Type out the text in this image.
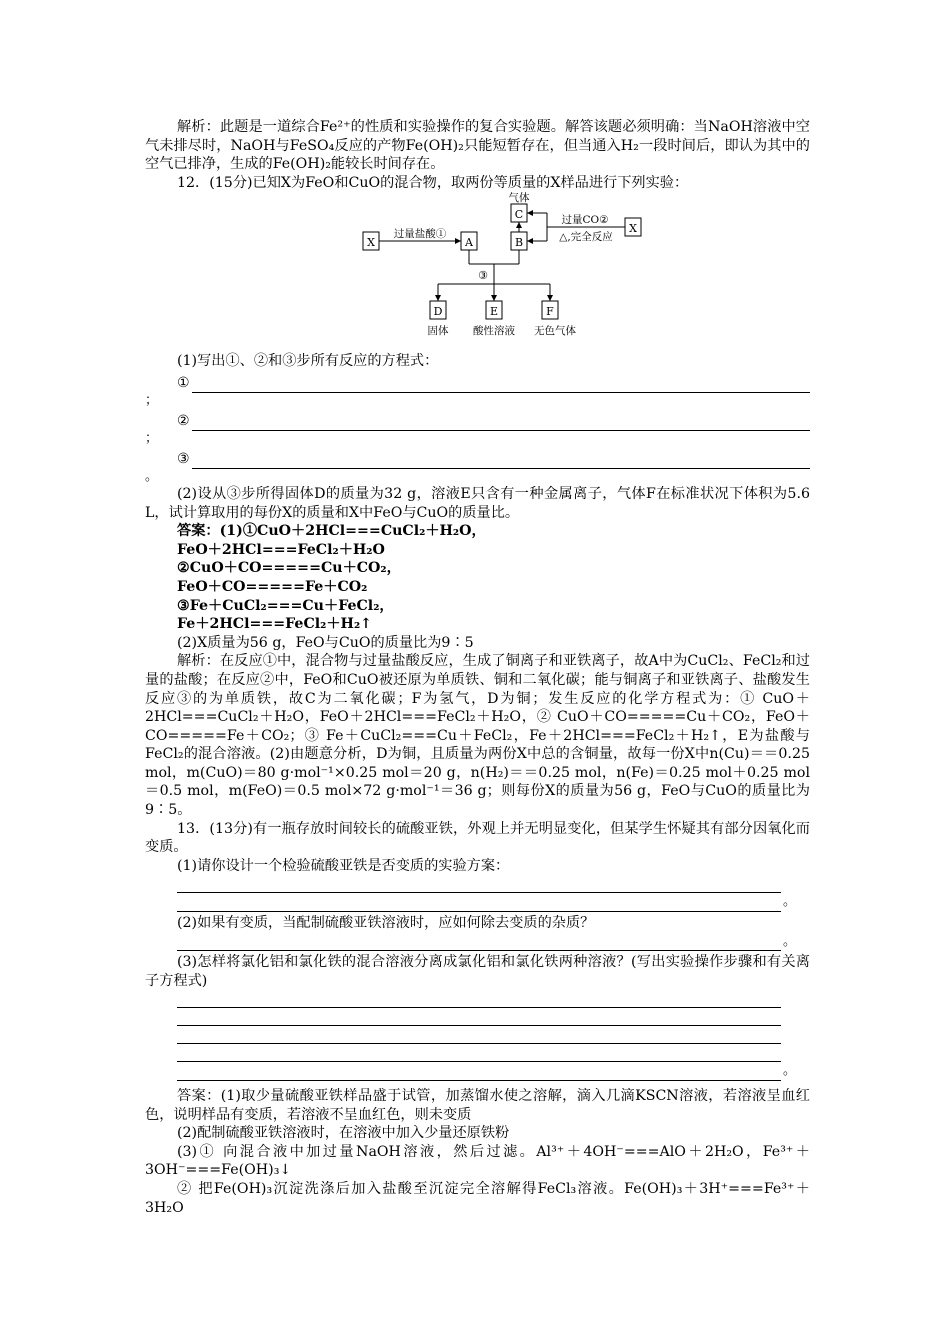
解析：此题是一道综合Fe²⁺的性质和实验操作的复合实验题。解答该题必须明确：当NaOH溶液中空气未排尽时，NaOH与FeSO₄反应的产物Fe(OH)₂只能短暂存在，但当通入H₂一段时间后，即认为其中的空气已排净，生成的Fe(OH)₂能较长时间存在。

12．(15分)已知X为FeO和CuO的混合物，取两份等质量的X样品进行下列实验：

X
过量盐酸①
A	B
C
气体
过量CO②
△,完全反应
X
③
D	E	F
固体 酸性溶液 无色气体

(1)写出①、②和③步所有反应的方程式：

①
；
②
；
③
。

(2)设从③步所得固体D的质量为32 g，溶液E只含有一种金属离子，气体F在标准状况下体积为5.6 L，试计算取用的每份X的质量和X中FeO与CuO的质量比。

答案：(1)①CuO＋2HCl===CuCl₂＋H₂O，

FeO＋2HCl===FeCl₂＋H₂O

②CuO＋CO=====Cu＋CO₂，

FeO＋CO=====Fe＋CO₂

③Fe＋CuCl₂===Cu＋FeCl₂，

Fe＋2HCl===FeCl₂＋H₂↑

(2)X质量为56 g，FeO与CuO的质量比为9∶5

解析：在反应①中，混合物与过量盐酸反应，生成了铜离子和亚铁离子，故A中为CuCl₂、FeCl₂和过量的盐酸；在反应②中，FeO和CuO被还原为单质铁、铜和二氧化碳；能与铜离子和亚铁离子、盐酸发生反应③的为单质铁，故C为二氧化碳；F为氢气，D为铜；发生反应的化学方程式为：① CuO＋2HCl===CuCl₂＋H₂O，FeO＋2HCl===FeCl₂＋H₂O，② CuO＋CO=====Cu＋CO₂，FeO＋CO=====Fe＋CO₂；③ Fe＋CuCl₂===Cu＋FeCl₂，Fe＋2HCl===FeCl₂＋H₂↑，E为盐酸与FeCl₂的混合溶液。(2)由题意分析，D为铜，且质量为两份X中总的含铜量，故每一份X中n(Cu)＝＝0.25 mol，m(CuO)＝80 g·mol⁻¹×0.25 mol＝20 g，n(H₂)＝＝0.25 mol，n(Fe)＝0.25 mol＋0.25 mol＝0.5 mol，m(FeO)＝0.5 mol×72 g·mol⁻¹＝36 g；则每份X的质量为56 g，FeO与CuO的质量比为9∶5。

13．(13分)有一瓶存放时间较长的硫酸亚铁，外观上并无明显变化，但某学生怀疑其有部分因氧化而变质。

(1)请你设计一个检验硫酸亚铁是否变质的实验方案：

。

(2)如果有变质，当配制硫酸亚铁溶液时，应如何除去变质的杂质？

。

(3)怎样将氯化铝和氯化铁的混合溶液分离成氯化铝和氯化铁两种溶液？(写出实验操作步骤和有关离子方程式)

。

答案：(1)取少量硫酸亚铁样品盛于试管，加蒸馏水使之溶解，滴入几滴KSCN溶液，若溶液呈血红色，说明样品有变质，若溶液不呈血红色，则未变质

(2)配制硫酸亚铁溶液时，在溶液中加入少量还原铁粉

(3)① 向混合液中加过量NaOH溶液，然后过滤。Al³⁺＋4OH⁻===AlO＋2H₂O，Fe³⁺＋3OH⁻===Fe(OH)₃↓

② 把Fe(OH)₃沉淀洗涤后加入盐酸至沉淀完全溶解得FeCl₃溶液。Fe(OH)₃＋3H⁺===Fe³⁺＋3H₂O
